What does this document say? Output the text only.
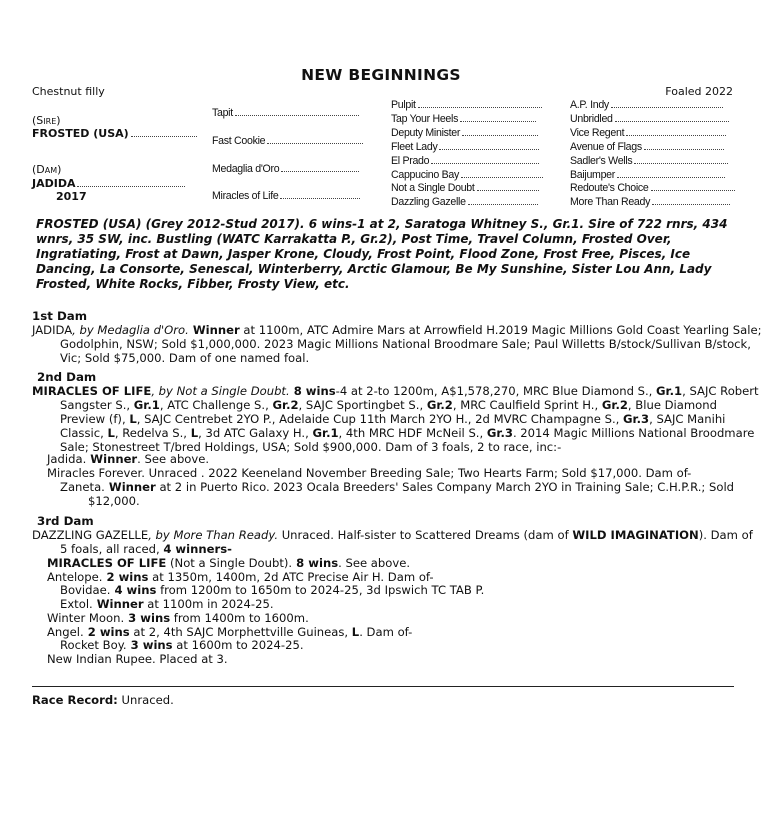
NEW BEGINNINGS
Chestnut filly	Foaled 2022
(Sire)
FROSTED (USA)
(Dam)
JADIDA
2017
Tapit
Fast Cookie
Medaglia d'Oro
Miracles of Life
Pulpit
Tap Your Heels
Deputy Minister
Fleet Lady
El Prado
Cappucino Bay
Not a Single Doubt
Dazzling Gazelle
A.P. Indy
Unbridled
Vice Regent
Avenue of Flags
Sadler's Wells
Baijumper
Redoute's Choice
More Than Ready
FROSTED (USA) (Grey 2012-Stud 2017). 6 wins-1 at 2, Saratoga Whitney S., Gr.1. Sire of 722 rnrs, 434 wnrs, 35 SW, inc. Bustling (WATC Karrakatta P., Gr.2), Post Time, Travel Column, Frosted Over, Ingratiating, Frost at Dawn, Jasper Krone, Cloudy, Frost Point, Flood Zone, Frost Free, Pisces, Ice Dancing, La Consorte, Senescal, Winterberry, Arctic Glamour, Be My Sunshine, Sister Lou Ann, Lady Frosted, White Rocks, Fibber, Frosty View, etc.
1st Dam
JADIDA, by Medaglia d'Oro. Winner at 1100m, ATC Admire Mars at Arrowfield H.2019 Magic Millions Gold Coast Yearling Sale; Godolphin, NSW; Sold $1,000,000. 2023 Magic Millions National Broodmare Sale; Paul Willetts B/stock/Sullivan B/stock, Vic; Sold $75,000. Dam of one named foal.
2nd Dam
MIRACLES OF LIFE, by Not a Single Doubt. 8 wins-4 at 2-to 1200m, A$1,578,270, MRC Blue Diamond S., Gr.1, SAJC Robert Sangster S., Gr.1, ATC Challenge S., Gr.2, SAJC Sportingbet S., Gr.2, MRC Caulfield Sprint H., Gr.2, Blue Diamond Preview (f), L, SAJC Centrebet 2YO P., Adelaide Cup 11th March 2YO H., 2d MVRC Champagne S., Gr.3, SAJC Manihi Classic, L, Redelva S., L, 3d ATC Galaxy H., Gr.1, 4th MRC HDF McNeil S., Gr.3. 2014 Magic Millions National Broodmare Sale; Stonestreet T/bred Holdings, USA; Sold $900,000. Dam of 3 foals, 2 to race, inc:-
Jadida. Winner. See above.
Miracles Forever. Unraced . 2022 Keeneland November Breeding Sale; Two Hearts Farm; Sold $17,000. Dam of-
Zaneta. Winner at 2 in Puerto Rico. 2023 Ocala Breeders' Sales Company March 2YO in Training Sale; C.H.P.R.; Sold $12,000.
3rd Dam
DAZZLING GAZELLE, by More Than Ready. Unraced. Half-sister to Scattered Dreams (dam of WILD IMAGINATION). Dam of 5 foals, all raced, 4 winners-
MIRACLES OF LIFE (Not a Single Doubt). 8 wins. See above.
Antelope. 2 wins at 1350m, 1400m, 2d ATC Precise Air H. Dam of-
Bovidae. 4 wins from 1200m to 1650m to 2024-25, 3d Ipswich TC TAB P.
Extol. Winner at 1100m in 2024-25.
Winter Moon. 3 wins from 1400m to 1600m.
Angel. 2 wins at 2, 4th SAJC Morphettville Guineas, L. Dam of-
Rocket Boy. 3 wins at 1600m to 2024-25.
New Indian Rupee. Placed at 3.
Race Record: Unraced.
